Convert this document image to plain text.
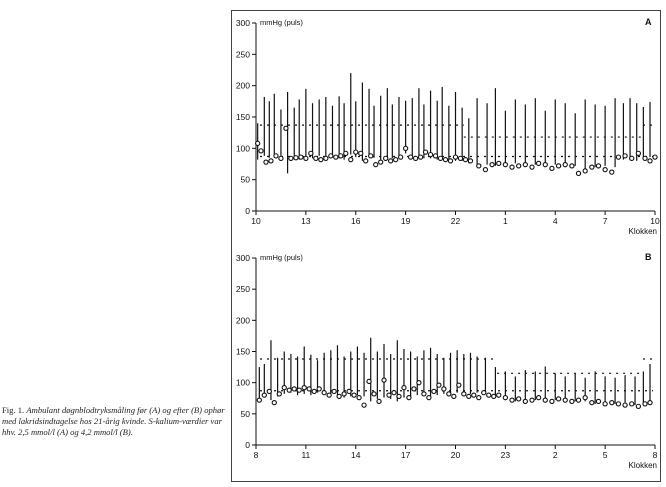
0
50
100
150
200
250
300
10	13	16	19	22	1	4	7	10
mmHg (puls)
Klokken
A
0
50
100
150
200
250
300
8	11	14	17	20	23	2	5	8
mmHg (puls)
Klokken
B
Fig. 1. Ambulant døgnblodtryksmåling før (A) og efter (B) ophør med lakridsindtagelse hos 21-årig kvinde. S-kalium-værdier var hhv. 2,5 mmol/l (A) og 4,2 mmol/l (B).
